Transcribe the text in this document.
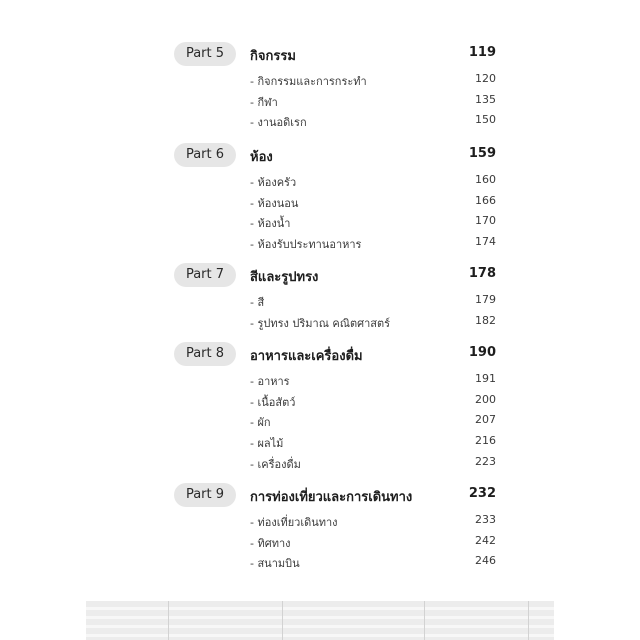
Part 5	กิจกรรม	119
- กิจกรรมและการกระทำ	120
- กีฬา	135
- งานอดิเรก	150
Part 6	ห้อง	159
- ห้องครัว	160
- ห้องนอน	166
- ห้องน้ำ	170
- ห้องรับประทานอาหาร	174
Part 7	สีและรูปทรง	178
- สี	179
- รูปทรง ปริมาณ คณิตศาสตร์	182
Part 8	อาหารและเครื่องดื่ม	190
- อาหาร	191
- เนื้อสัตว์	200
- ผัก	207
- ผลไม้	216
- เครื่องดื่ม	223
Part 9	การท่องเที่ยวและการเดินทาง	232
- ท่องเที่ยวเดินทาง	233
- ทิศทาง	242
- สนามบิน	246
